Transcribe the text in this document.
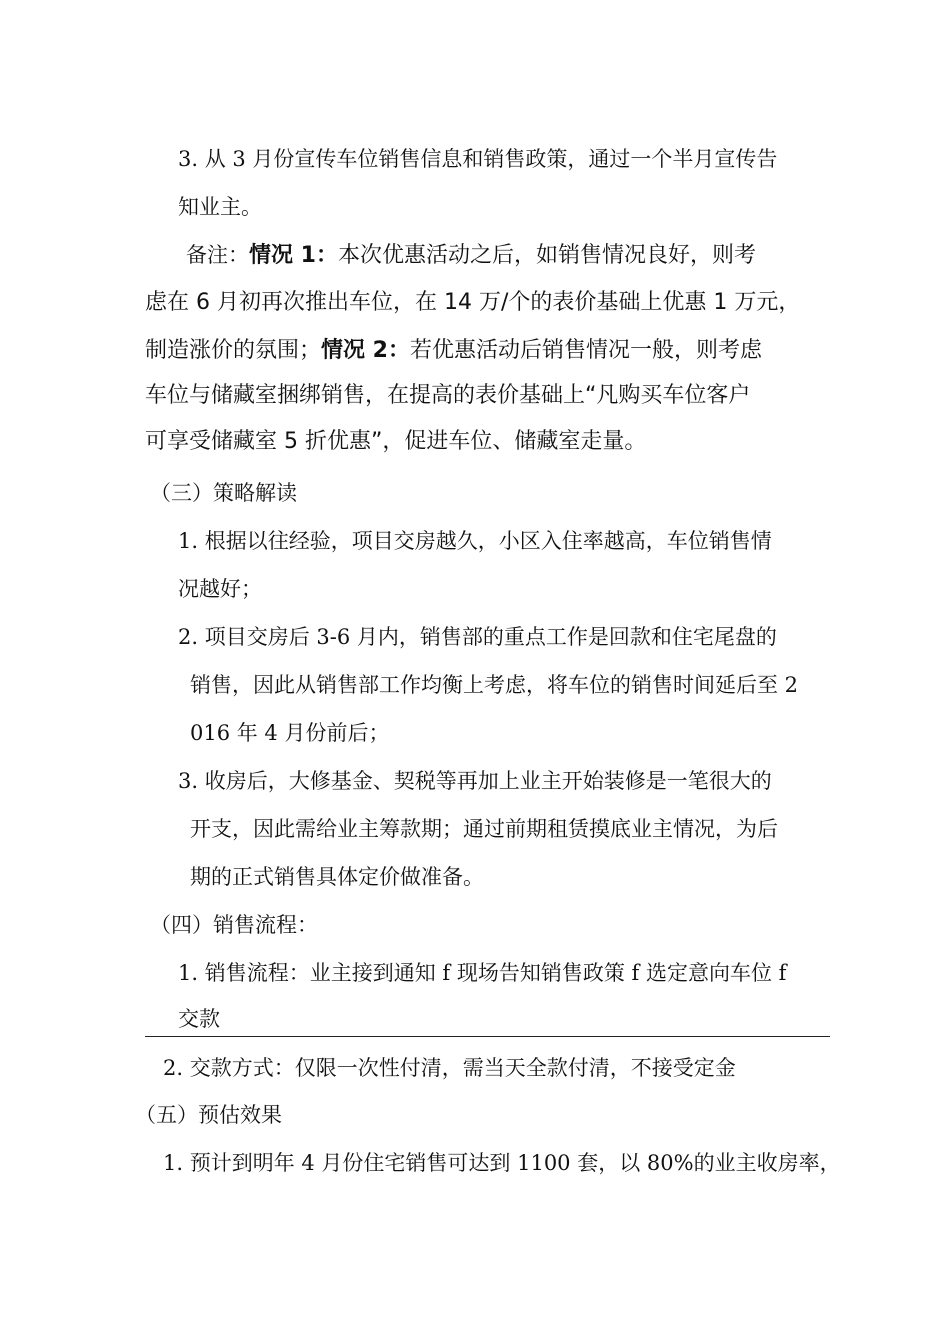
3. 从 3 月份宣传车位销售信息和销售政策，通过一个半月宣传告

知业主。

备注：情况 1：本次优惠活动之后，如销售情况良好，则考

虑在 6 月初再次推出车位，在 14 万/个的表价基础上优惠 1 万元，

制造涨价的氛围；情况 2：若优惠活动后销售情况一般，则考虑

车位与储藏室捆绑销售，在提高的表价基础上“凡购买车位客户

可享受储藏室 5 折优惠”，促进车位、储藏室走量。

（三）策略解读

1. 根据以往经验，项目交房越久，小区入住率越高，车位销售情

况越好；

2. 项目交房后 3-6 月内，销售部的重点工作是回款和住宅尾盘的

销售，因此从销售部工作均衡上考虑，将车位的销售时间延后至 2

016 年 4 月份前后；

3. 收房后，大修基金、契税等再加上业主开始装修是一笔很大的

开支，因此需给业主筹款期；通过前期租赁摸底业主情况，为后

期的正式销售具体定价做准备。

（四）销售流程：

1. 销售流程：业主接到通知 f 现场告知销售政策 f 选定意向车位 f

交款

2. 交款方式：仅限一次性付清，需当天全款付清，不接受定金

（五）预估效果

1. 预计到明年 4 月份住宅销售可达到 1100 套，以 80%的业主收房率，
